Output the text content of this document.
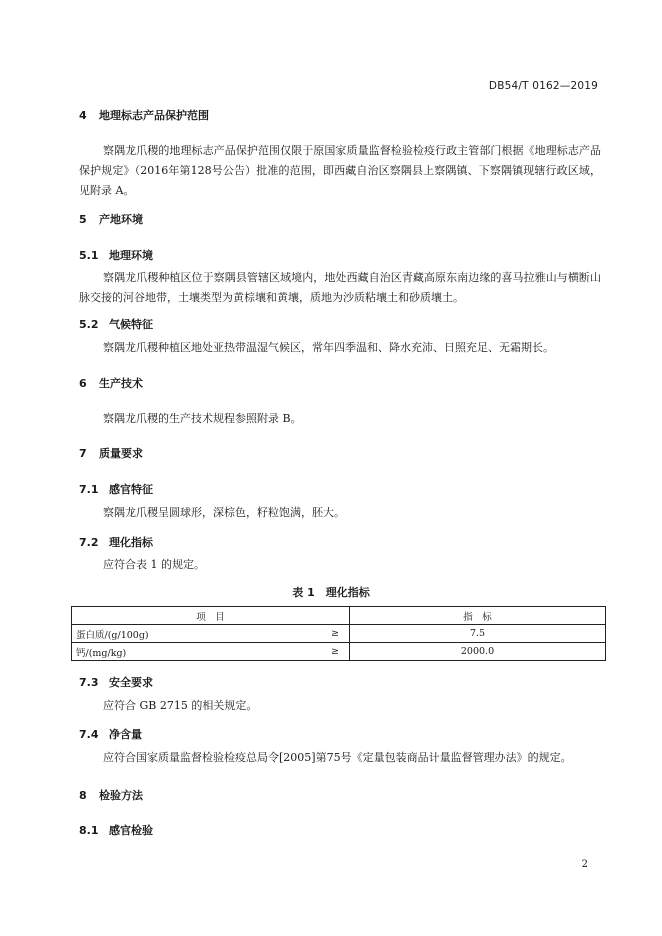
DB54/T 0162—2019
4 地理标志产品保护范围
察隅龙爪稷的地理标志产品保护范围仅限于原国家质量监督检验检疫行政主管部门根据《地理标志产品保护规定》（2016年第128号公告）批准的范围，即西藏自治区察隅县上察隅镇、下察隅镇现辖行政区域，见附录 A。
5 产地环境
5.1 地理环境
察隅龙爪稷种植区位于察隅县管辖区域境内，地处西藏自治区青藏高原东南边缘的喜马拉雅山与横断山脉交接的河谷地带，土壤类型为黄棕壤和黄壤，质地为沙质粘壤土和砂质壤土。
5.2 气候特征
察隅龙爪稷种植区地处亚热带温湿气候区，常年四季温和、降水充沛、日照充足、无霜期长。
6 生产技术
察隅龙爪稷的生产技术规程参照附录 B。
7 质量要求
7.1 感官特征
察隅龙爪稷呈圆球形，深棕色，籽粒饱满，胚大。
7.2 理化指标
应符合表 1 的规定。
表 1　理化指标
项　目		指　标
蛋白质/(g/100g)	≥	7.5
钙/(mg/kg)	≥	2000.0
7.3 安全要求
应符合 GB 2715 的相关规定。
7.4 净含量
应符合国家质量监督检验检疫总局令[2005]第75号《定量包装商品计量监督管理办法》的规定。
8 检验方法
8.1 感官检验
2
